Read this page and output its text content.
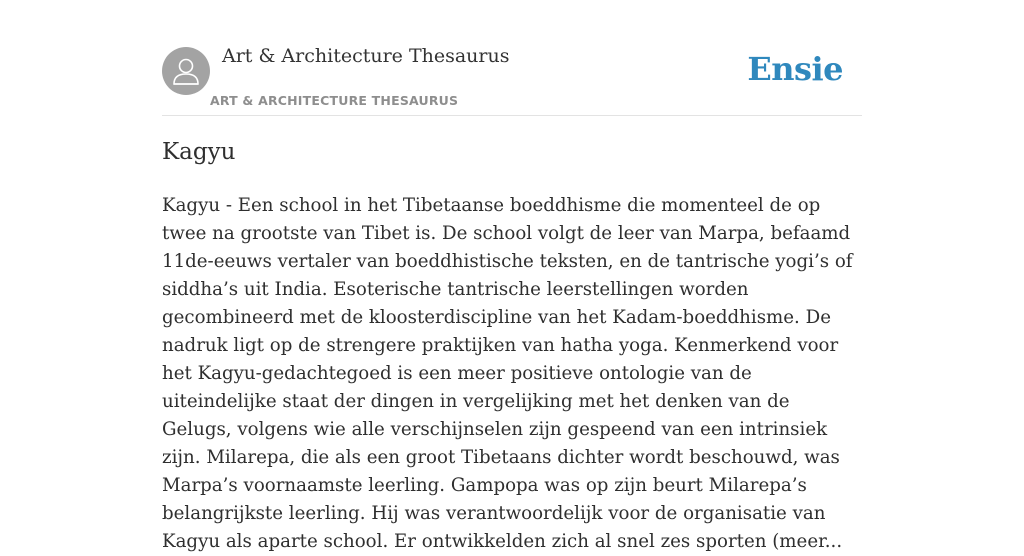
Art & Architecture Thesaurus
ART & ARCHITECTURE THESAURUS
Ensie
Kagyu

Kagyu - Een school in het Tibetaanse boeddhisme die momenteel de op twee na grootste van Tibet is. De school volgt de leer van Marpa, befaamd 11de-eeuws vertaler van boeddhistische teksten, en de tantrische yogi’s of siddha’s uit India. Esoterische tantrische leerstellingen worden gecombineerd met de kloosterdiscipline van het Kadam-boeddhisme. De nadruk ligt op de strengere praktijken van hatha yoga. Kenmerkend voor het Kagyu-gedachtegoed is een meer positieve ontologie van de uiteindelijke staat der dingen in vergelijking met het denken van de Gelugs, volgens wie alle verschijnselen zijn gespeend van een intrinsiek zijn. Milarepa, die als een groot Tibetaans dichter wordt beschouwd, was Marpa’s voornaamste leerling. Gampopa was op zijn beurt Milarepa’s belangrijkste leerling. Hij was verantwoordelijk voor de organisatie van Kagyu als aparte school. Er ontwikkelden zich al snel zes sporten (meer...
